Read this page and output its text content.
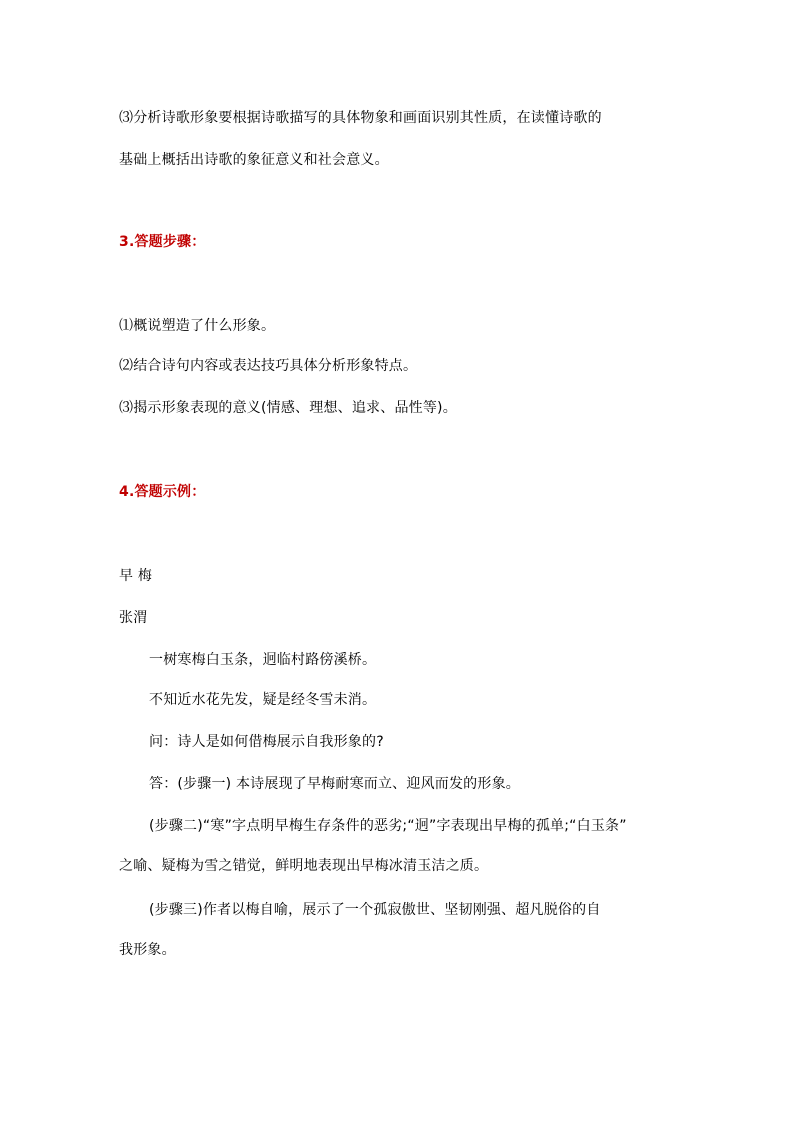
⑶分析诗歌形象要根据诗歌描写的具体物象和画面识别其性质，在读懂诗歌的
基础上概括出诗歌的象征意义和社会意义。
3.答题步骤：
⑴概说塑造了什么形象。
⑵结合诗句内容或表达技巧具体分析形象特点。
⑶揭示形象表现的意义(情感、理想、追求、品性等)。
4.答题示例：
早 梅
张渭
一树寒梅白玉条，迥临村路傍溪桥。
不知近水花先发，疑是经冬雪未消。
问：诗人是如何借梅展示自我形象的?
答：(步骤一) 本诗展现了早梅耐寒而立、迎风而发的形象。
(步骤二)“寒”字点明早梅生存条件的恶劣;“迥”字表现出早梅的孤单;“白玉条”
之喻、疑梅为雪之错觉，鲜明地表现出早梅冰清玉洁之质。
(步骤三)作者以梅自喻，展示了一个孤寂傲世、坚韧刚强、超凡脱俗的自
我形象。
